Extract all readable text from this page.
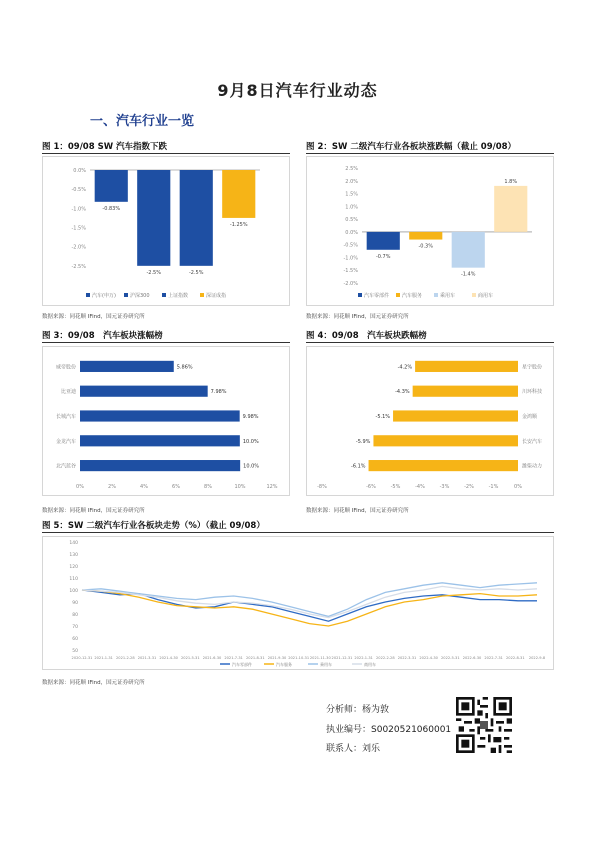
9月8日汽车行业动态
一、汽车行业一览
图 1：09/08 SW 汽车指数下跌
0.0%
-0.5%
-1.0%
-1.5%
-2.0%
-2.5%
-0.83%
-2.5%	-2.5%
-1.25%
汽车(申万)	沪深300	上证指数	深证成指
数据来源：同花顺 IFind，国元证券研究所
图 2：SW 二级汽车行业各板块涨跌幅（截止 09/08）
2.5%
2.0%
1.5%
1.0%
0.5%
0.0%
-0.5%
-1.0%
-1.5%
-2.0%
-0.7%
-0.3%
-1.4%
1.8%
汽车零部件	汽车服务	乘用车	商用车
数据来源：同花顺 IFind，国元证券研究所
图 3：09/08　汽车板块涨幅榜
0%	2%	4%	6%	8%	10%	12%
威帝股份	5.86%
比亚迪	7.98%
长城汽车	9.98%
金龙汽车	10.0%
北汽蓝谷	10.0%
数据来源：同花顺 IFind，国元证券研究所
图 4：09/08　汽车板块跌幅榜
-8%	-6%	-5%	-4%	-3%	-2%	-1%	0%
星宇股份
-4.2%
川环科技
-4.3%
金鸿顺
-5.1%
长安汽车
-5.9%
潍柴动力
-6.1%
数据来源：同花顺 IFind，国元证券研究所
图 5：SW 二级汽车行业各板块走势（%）（截止 09/08）
140
130
120
110
100
90
80
70
60
50
2020-12-31 2021-1-31 2021-2-28 2021-3-31 2021-4-30 2021-5-31 2021-6-30 2021-7-31 2021-8-31 2021-9-30 2021-10-31 2021-11-30 2021-12-31 2022-1-31 2022-2-28 2022-3-31 2022-4-30 2022-5-31 2022-6-30 2022-7-31 2022-8-31 2022-9-8
汽车零部件	汽车服务	乘用车	商用车
数据来源：同花顺 IFind，国元证券研究所
分析师：杨为敦
执业编号：S0020521060001
联系人：刘乐
